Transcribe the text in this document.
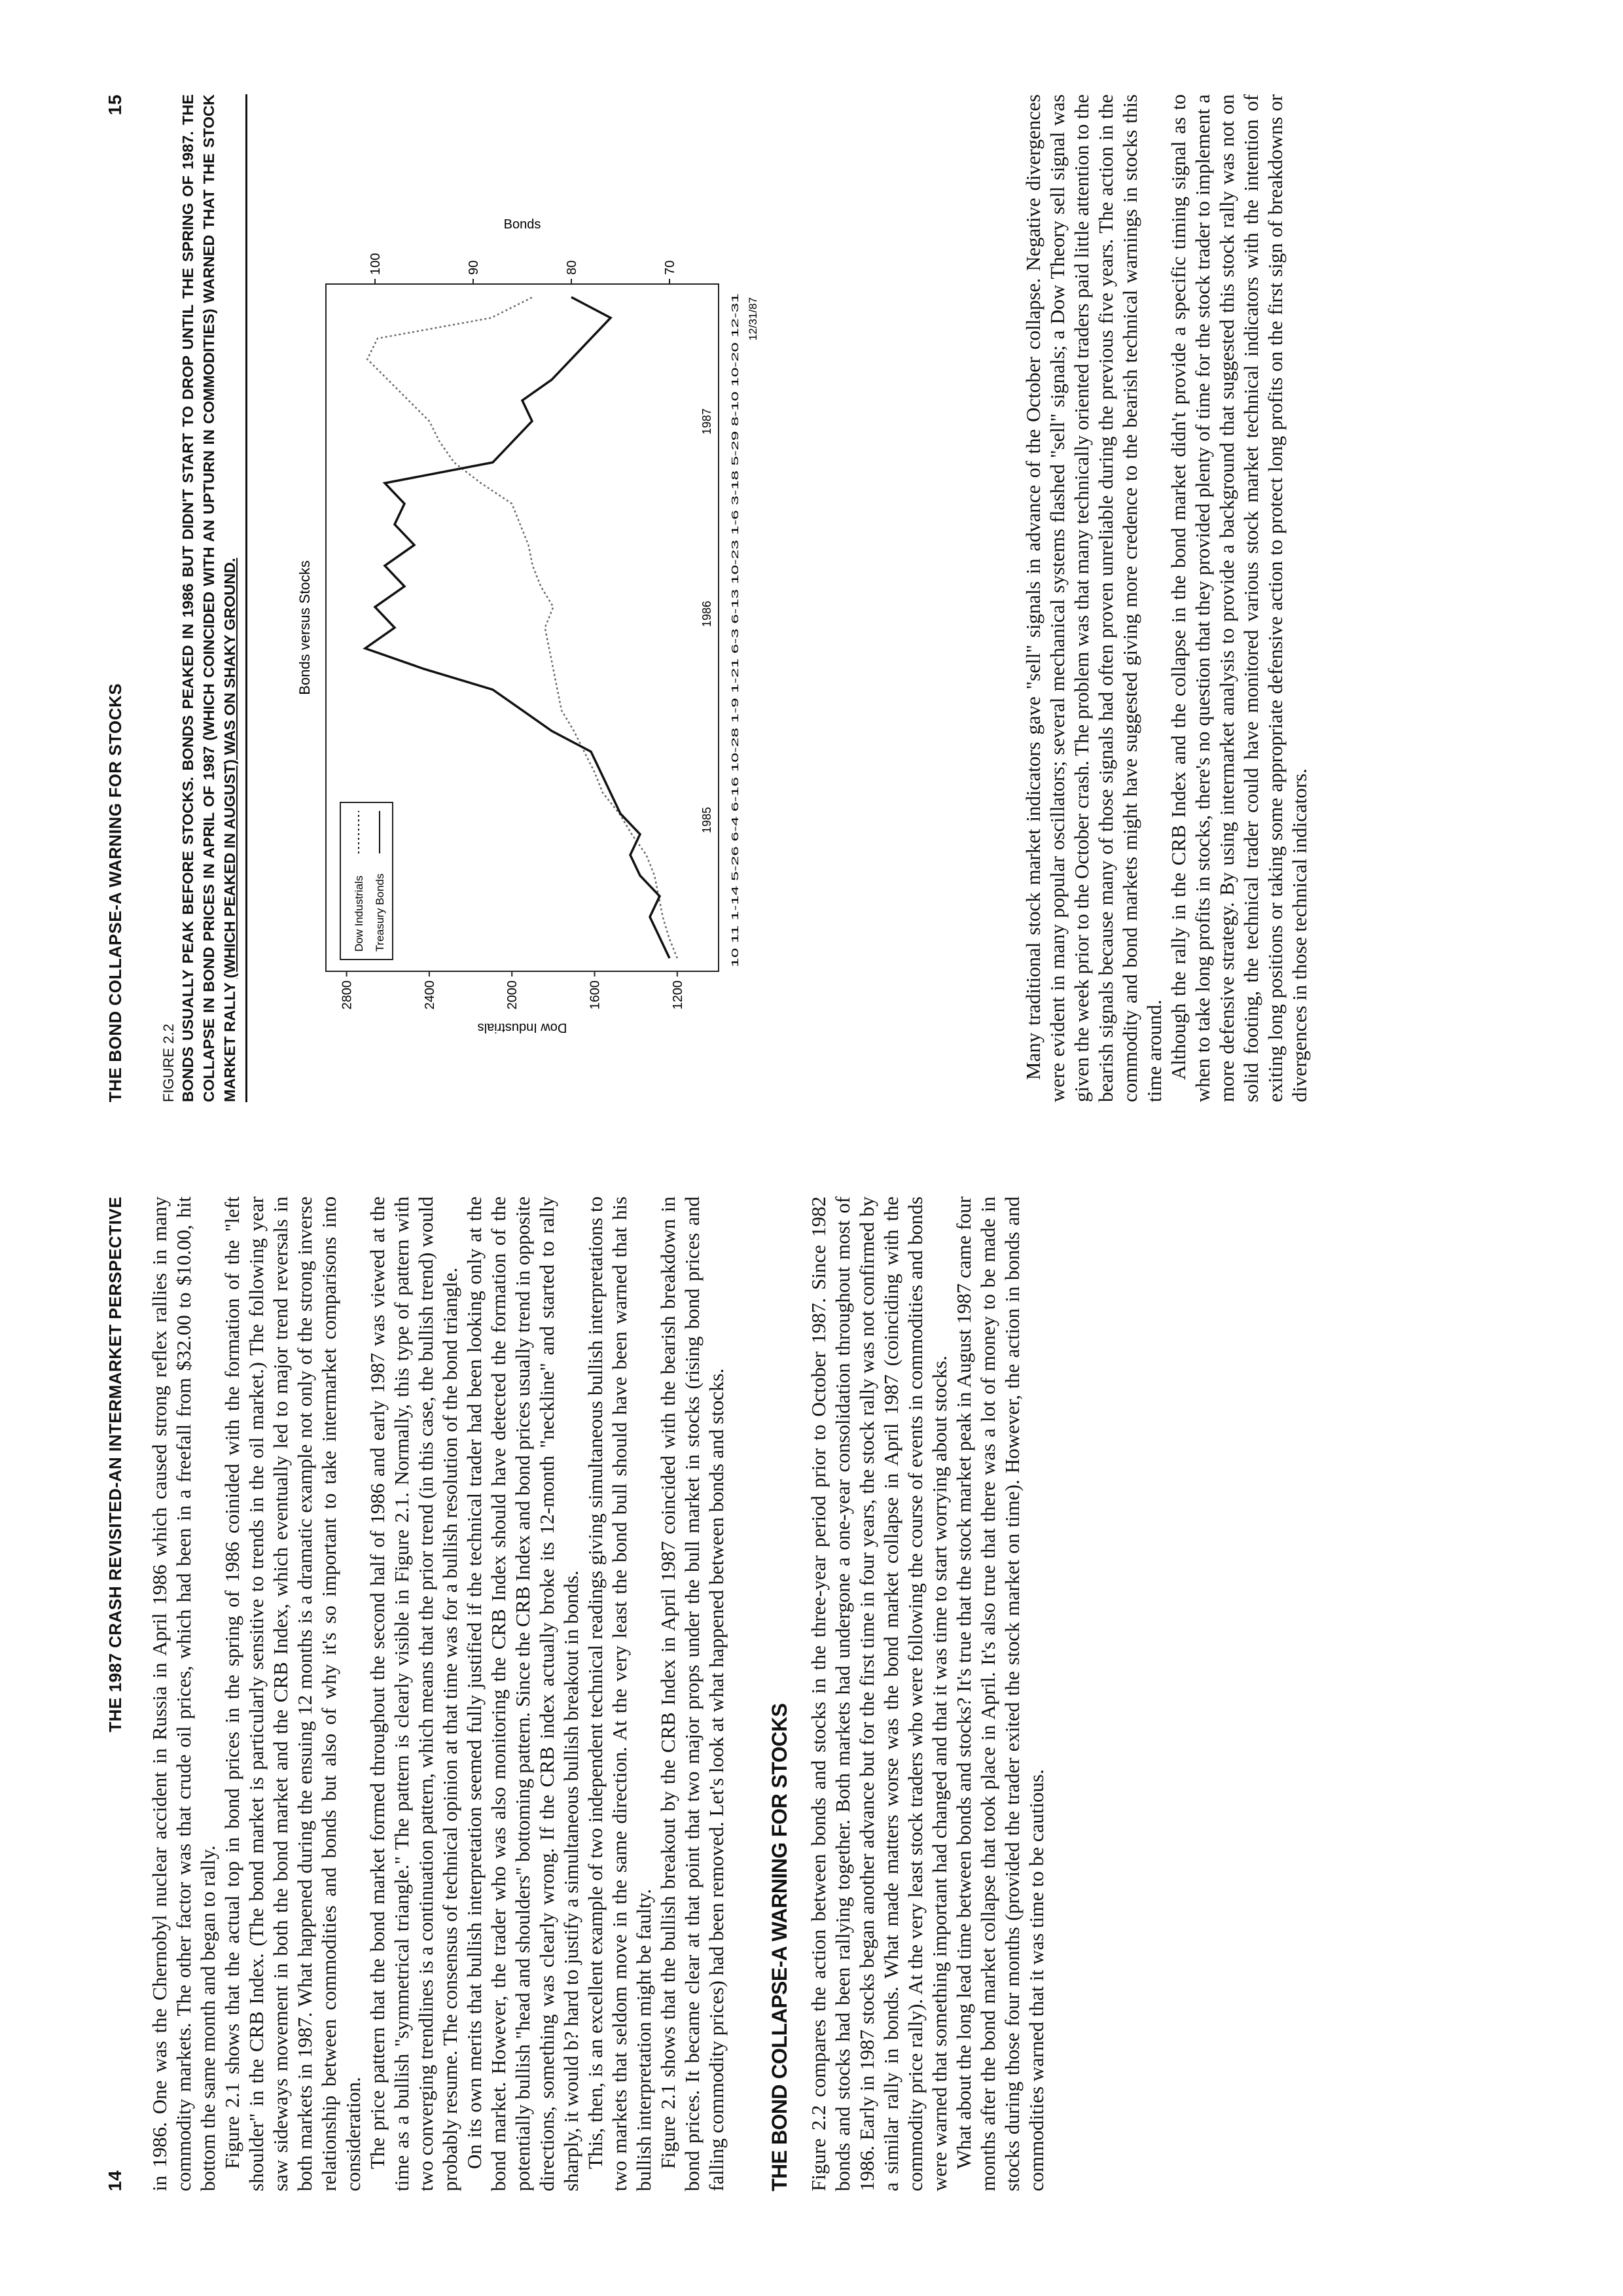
14
THE 1987 CRASH REVISITED-AN INTERMARKET PERSPECTIVE in 1986. One was the Chernobyl nuclear accident in Russia in April 1986 which caused strong reflex rallies in many commodity markets. The other factor was that crude oil prices, which had been in a freefall from $32.00 to $10.00, hit bottom the same month and began to rally. Figure 2.1 shows that the actual top in bond prices in the spring of 1986 coinided with the formation of the "left shoulder" in the CRB Index. (The bond market is particularly sensitive to trends in the oil market.) The following year saw sideways movement in both the bond market and the CRB Index, which eventually led to major trend reversals in both markets in 1987. What happened during the ensuing 12 months is a dramatic example not only of the strong inverse relationship between commodities and bonds but also of why it's so important to take intermarket comparisons into consideration. The price pattern that the bond market formed throughout the second half of 1986 and early 1987 was viewed at the time as a bullish "symmetrical triangle." The pattern is clearly visible in Figure 2.1. Normally, this type of pattern with two converging trendlines is a continuation pattern, which means that the prior trend (in this case, the bullish trend) would probably resume. The consensus of technical opinion at that time was for a bullish resolution of the bond triangle. On its own merits that bullish interpretation seemed fully justified if the technical trader had been looking only at the bond market. However, the trader who was also monitoring the CRB Index should have detected the formation of the potentially bullish "head and shoulders" bottoming pattern. Since the CRB Index and bond prices usually trend in opposite directions, something was clearly wrong. If the CRB index actually broke its 12-month "neckline" and started to rally sharply, it would b? hard to justify a simultaneous bullish breakout in bonds. This, then, is an excellent example of two independent technical readings giving simultaneous bullish interpretations to two markets that seldom move in the same direction. At the very least the bond bull should have been warned that his bullish interpretation might be faulty. Figure 2.1 shows that the bullish breakout by the CRB Index in April 1987 coincided with the bearish breakdown in bond prices. It became clear at that point that two major props under the bull market in stocks (rising bond prices and falling commodity prices) had been removed. Let's look at what happened between bonds and stocks. THE BOND COLLAPSE-A WARNING FOR STOCKS Figure 2.2 compares the action between bonds and stocks in the three-year period prior to October 1987. Since 1982 bonds and stocks had been rallying together. Both markets had undergone a one-year consolidation throughout most of 1986. Early in 1987 stocks began another advance but for the first time in four years, the stock rally was not confirmed by a similar rally in bonds. What made matters worse was the bond market collapse in April 1987 (coinciding with the commodity price rally). At the very least stock traders who were following the course of events in commodities and bonds were warned that something important had changed and that it was time to start worrying about stocks. What about the long lead time between bonds and stocks? It's true that the stock market peak in August 1987 came four months after the bond market collapse that took place in April. It's also true that there was a lot of money to be made in stocks during those four months (provided the trader exited the stock market on time). However, the action in bonds and commodities warned that it was time to be cautious.

THE BOND COLLAPSE-A WARNING FOR STOCKS
15
FIGURE 2.2 BONDS USUALLY PEAK BEFORE STOCKS. BONDS PEAKED IN 1986 BUT DIDN'T START TO DROP UNTIL THE SPRING OF 1987. THE COLLAPSE IN BOND PRICES IN APRIL OF 1987 (WHICH COINCIDED WITH AN UPTURN IN COMMODITIES) WARNED THAT THE STOCK MARKET RALLY (WHICH PEAKED IN AUGUST) WAS ON SHAKY GROUND.	Bonds versus Stocks
1200
1600
2000
2400
2800
70
80
90
100
Dow Industrials
Bonds
10 11 1-14 5-26 6-4 6-16 10-28 1-9 1-21 6-3 6-13 10-23 1-6 3-18 5-29 8-10 10-20 12-31
1985
1986
1987
12/31/87
Dow Industrials Treasury Bonds	Many traditional stock market indicators gave "sell" signals in advance of the October collapse. Negative divergences were evident in many popular oscillators; several mechanical systems flashed "sell" signals; a Dow Theory sell signal was given the week prior to the October crash. The problem was that many technically oriented traders paid little attention to the bearish signals because many of those signals had often proven unreliable during the previous five years. The action in the commodity and bond markets might have suggested giving more credence to the bearish technical warnings in stocks this time around. Although the rally in the CRB Index and the collapse in the bond market didn't provide a specific timing signal as to when to take long profits in stocks, there's no question that they provided plenty of time for the stock trader to implement a more defensive strategy. By using intermarket analysis to provide a background that suggested this stock rally was not on solid footing, the technical trader could have monitored various stock market technical indicators with the intention of exiting long positions or taking some appropriate defensive action to protect long profits on the first sign of breakdowns or divergences in those technical indicators.
